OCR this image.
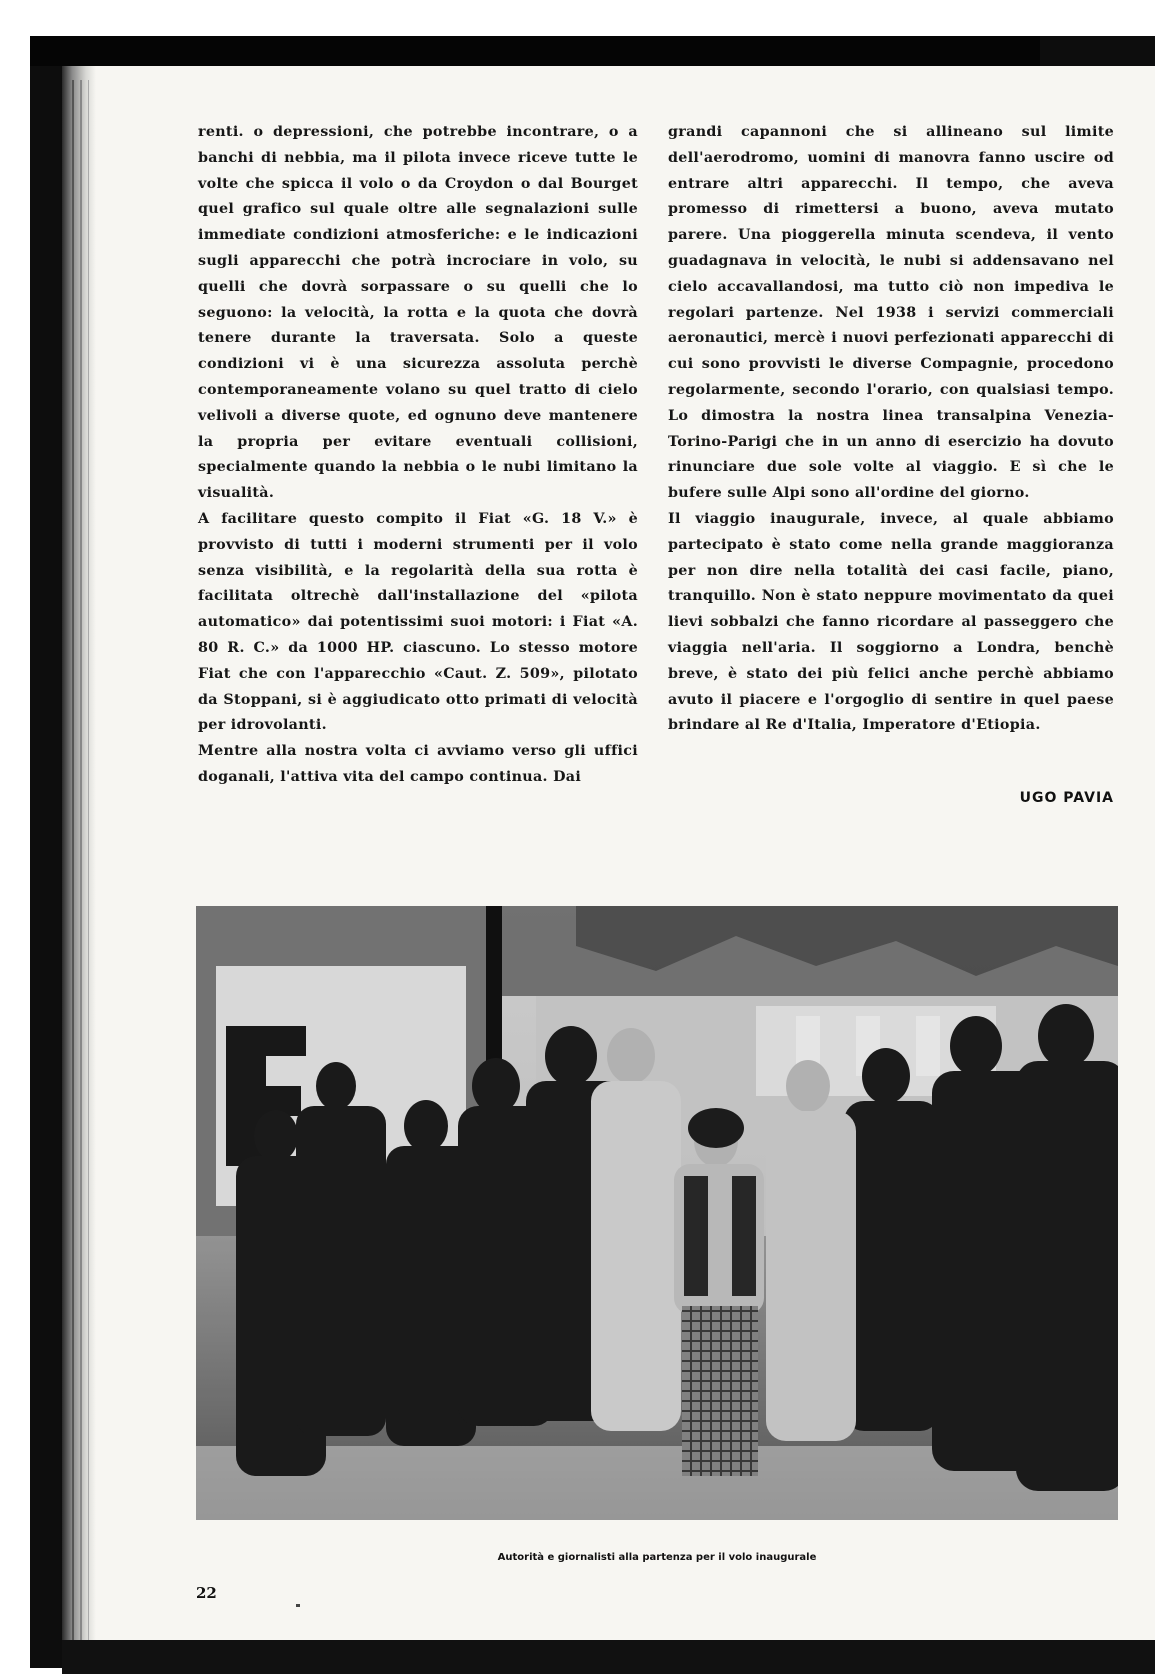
renti. o depressioni, che potrebbe incontrare, o a banchi di nebbia, ma il pilota invece riceve tutte le volte che spicca il volo o da Croydon o dal Bourget quel grafico sul quale oltre alle segnalazioni sulle immediate condizioni atmosferiche: e le indicazioni sugli apparecchi che potrà incrociare in volo, su quelli che dovrà sorpassare o su quelli che lo seguono: la velocità, la rotta e la quota che dovrà tenere durante la traversata. Solo a queste condizioni vi è una sicurezza assoluta perchè contemporaneamente volano su quel tratto di cielo velivoli a diverse quote, ed ognuno deve mantenere la propria per evitare eventuali collisioni, specialmente quando la nebbia o le nubi limitano la visualità.

A facilitare questo compito il Fiat «G. 18 V.» è provvisto di tutti i moderni strumenti per il volo senza visibilità, e la regolarità della sua rotta è facilitata oltrechè dall'installazione del «pilota automatico» dai potentissimi suoi motori: i Fiat «A. 80 R. C.» da 1000 HP. ciascuno. Lo stesso motore Fiat che con l'apparecchio «Caut. Z. 509», pilotato da Stoppani, si è aggiudicato otto primati di velocità per idrovolanti.

Mentre alla nostra volta ci avviamo verso gli uffici doganali, l'attiva vita del campo continua. Dai

grandi capannoni che si allineano sul limite dell'aerodromo, uomini di manovra fanno uscire od entrare altri apparecchi. Il tempo, che aveva promesso di rimettersi a buono, aveva mutato parere. Una pioggerella minuta scendeva, il vento guadagnava in velocità, le nubi si addensavano nel cielo accavallandosi, ma tutto ciò non impediva le regolari partenze. Nel 1938 i servizi commerciali aeronautici, mercè i nuovi perfezionati apparecchi di cui sono provvisti le diverse Compagnie, procedono regolarmente, secondo l'orario, con qualsiasi tempo. Lo dimostra la nostra linea transalpina Venezia-Torino-Parigi che in un anno di esercizio ha dovuto rinunciare due sole volte al viaggio. E sì che le bufere sulle Alpi sono all'ordine del giorno.

Il viaggio inaugurale, invece, al quale abbiamo partecipato è stato come nella grande maggioranza per non dire nella totalità dei casi facile, piano, tranquillo. Non è stato neppure movimentato da quei lievi sobbalzi che fanno ricordare al passeggero che viaggia nell'aria. Il soggiorno a Londra, benchè breve, è stato dei più felici anche perchè abbiamo avuto il piacere e l'orgoglio di sentire in quel paese brindare al Re d'Italia, Imperatore d'Etiopia.

UGO PAVIA
Autorità e giornalisti alla partenza per il volo inaugurale
22
